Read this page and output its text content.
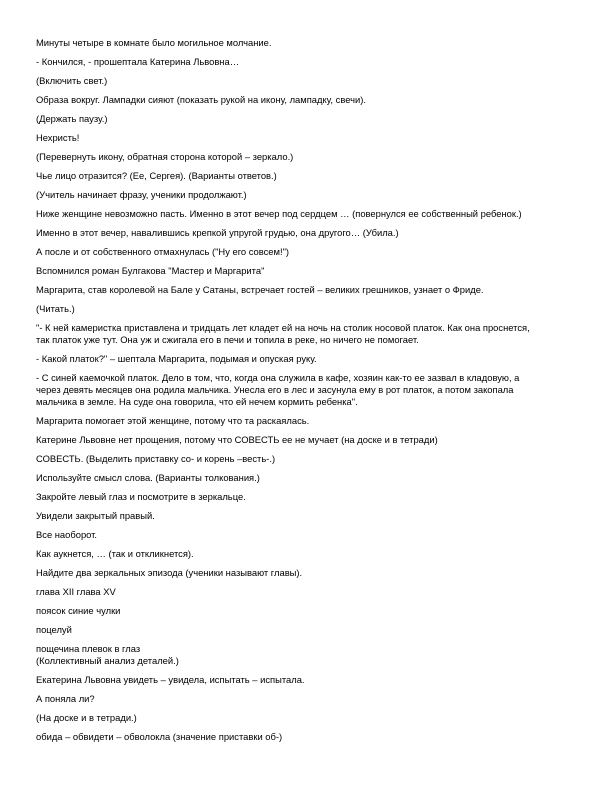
Минуты четыре в комнате было могильное молчание.

- Кончился, - прошептала Катерина Львовна…

(Включить свет.)

Образа вокруг. Лампадки сияют (показать рукой на икону, лампадку, свечи).

(Держать паузу.)

Нехристь!

(Перевернуть икону, обратная сторона которой – зеркало.)

Чье лицо отразится? (Ее, Сергея). (Варианты ответов.)

(Учитель начинает фразу, ученики продолжают.)

Ниже женщине невозможно пасть. Именно в этот вечер под сердцем … (повернулся ее собственный ребенок.)

Именно в этот вечер, навалившись крепкой упругой грудью, она другого… (Убила.)

А после и от собственного отмахнулась ("Ну его совсем!")

Вспомнился роман Булгакова "Мастер и Маргарита"

Маргарита, став королевой на Бале у Сатаны, встречает гостей – великих грешников, узнает о Фриде.

(Читать.)

"- К ней камеристка приставлена и тридцать лет кладет ей на ночь на столик носовой платок. Как она проснется,
так платок уже тут. Она уж и сжигала его в печи и топила в реке, но ничего не помогает.

- Какой платок?" – шептала Маргарита, подымая и опуская руку.

- С синей каемочкой платок. Дело в том, что, когда она служила в кафе, хозяин как-то ее зазвал в кладовую, а
через девять месяцев она родила мальчика. Унесла его в лес и засунула ему в рот платок, а потом закопала
мальчика в земле. На суде она говорила, что ей нечем кормить ребенка".

Маргарита помогает этой женщине, потому что та раскаялась.

Катерине Львовне нет прощения, потому что СОВЕСТЬ ее не мучает (на доске и в тетради)

СОВЕСТЬ. (Выделить приставку со- и корень –весть-.)

Используйте смысл слова. (Варианты толкования.)

Закройте левый глаз и посмотрите в зеркальце.

Увидели закрытый правый.

Все наоборот.

Как аукнется, … (так и откликнется).

Найдите два зеркальных эпизода (ученики называют главы).

глава XII глава XV

поясок синие чулки

поцелуй

пощечина плевок в глаз
(Коллективный анализ деталей.)

Екатерина Львовна увидеть – увидела, испытать – испытала.

А поняла ли?

(На доске и в тетради.)

обида – обвидети – обволокла (значение приставки об-)
